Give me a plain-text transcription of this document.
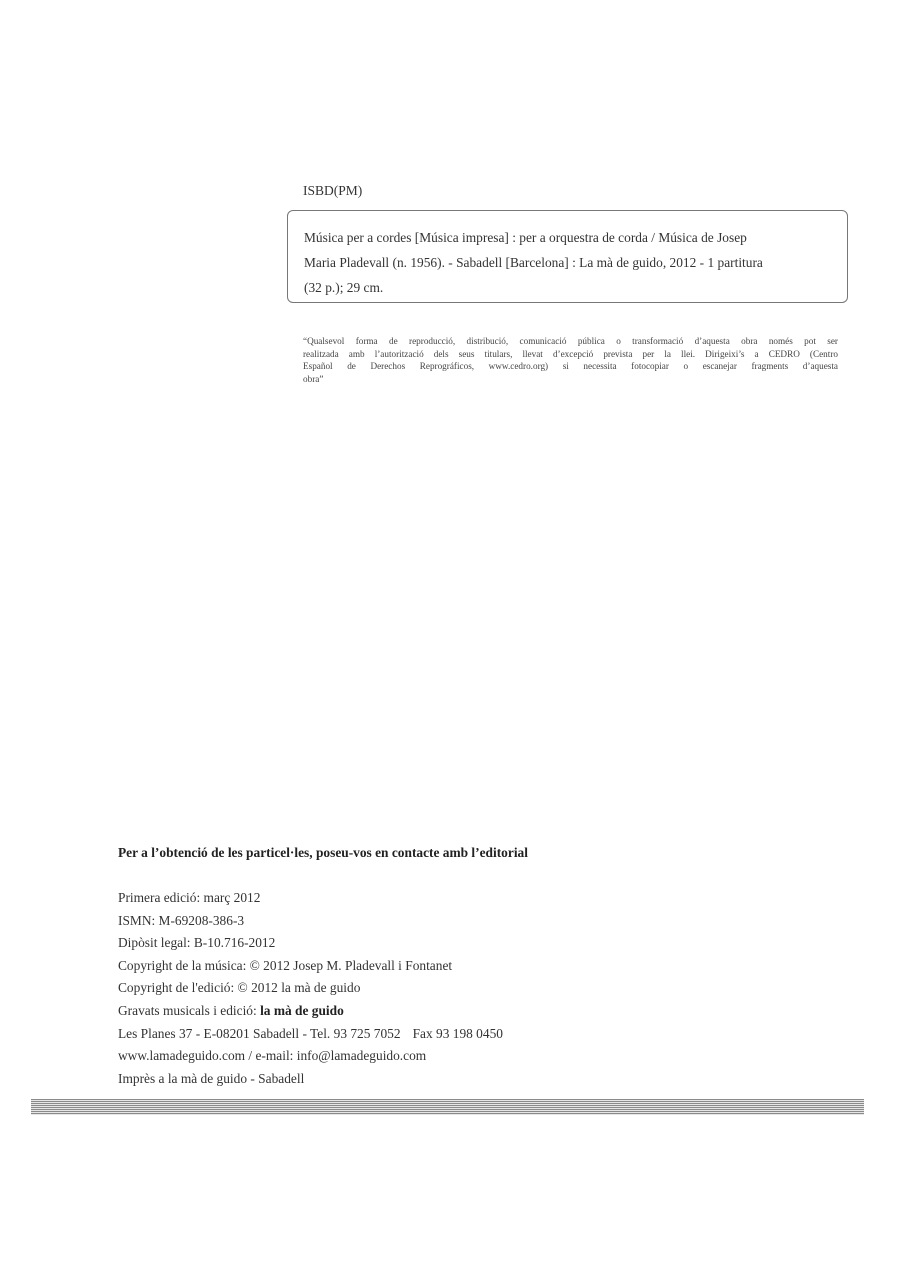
ISBD(PM)
Música per a cordes [Música impresa] : per a orquestra de corda / Música de Josep
Maria Pladevall (n. 1956). - Sabadell [Barcelona] : La mà de guido, 2012 - 1 partitura
(32 p.); 29 cm.
“Qualsevol forma de reproducció, distribució, comunicació pública o transformació d’aquesta obra només pot ser
realitzada amb l’autorització dels seus titulars, llevat d’excepció prevista per la llei. Dirigeixi’s a CEDRO (Centro
Español de Derechos Reprográficos, www.cedro.org) si necessita fotocopiar o escanejar fragments d’aquesta
obra”
Per a l’obtenció de les particel·les, poseu-vos en contacte amb l’editorial
Primera edició: març 2012
ISMN: M-69208-386-3
Dipòsit legal: B-10.716-2012
Copyright de la música: © 2012 Josep M. Pladevall i Fontanet
Copyright de l'edició: © 2012 la mà de guido
Gravats musicals i edició: la mà de guido
Les Planes 37 - E-08201 Sabadell - Tel. 93 725 7052 Fax 93 198 0450
www.lamadeguido.com / e-mail: info@lamadeguido.com
Imprès a la mà de guido - Sabadell
